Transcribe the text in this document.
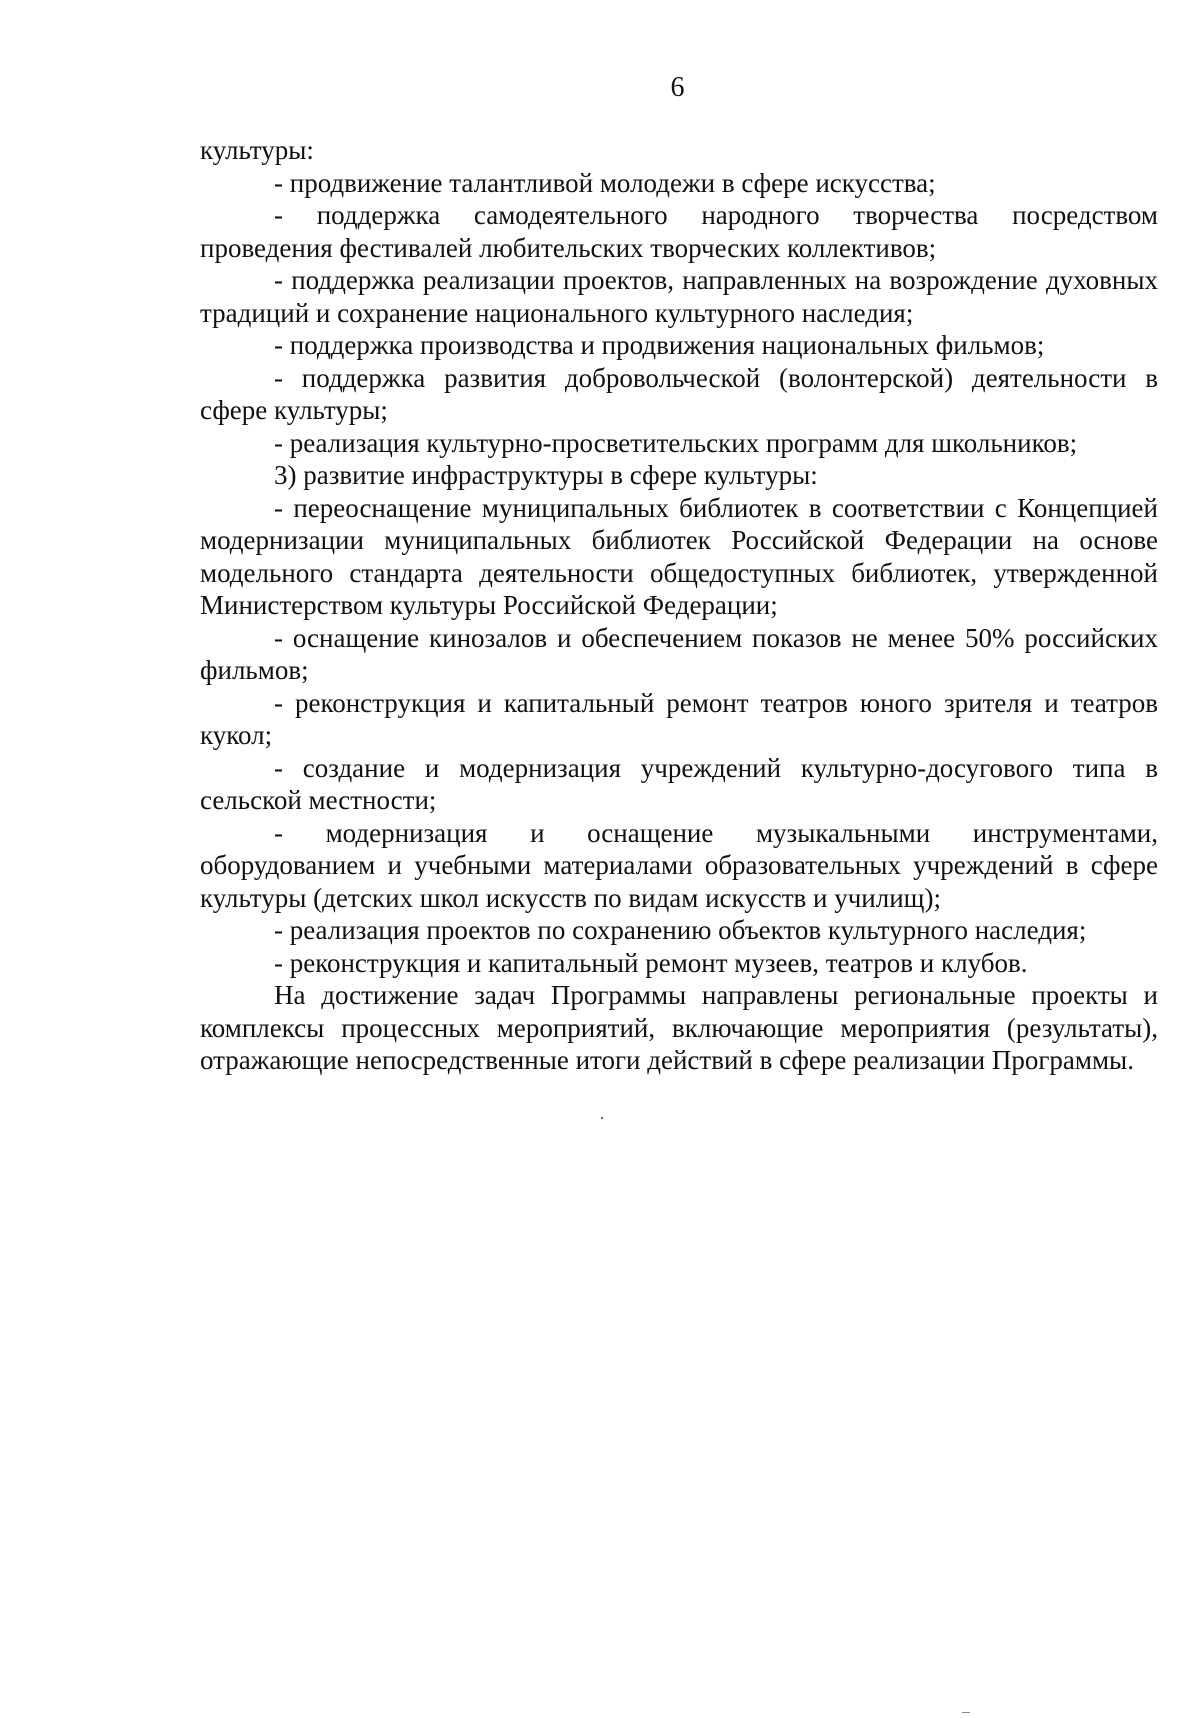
6

культуры:

- продвижение талантливой молодежи в сфере искусства;

- поддержка самодеятельного народного творчества посредством проведения фестивалей любительских творческих коллективов;

- поддержка реализации проектов, направленных на возрождение духовных традиций и сохранение национального культурного наследия;

- поддержка производства и продвижения национальных фильмов;

- поддержка развития добровольческой (волонтерской) деятельности в сфере культуры;

- реализация культурно-просветительских программ для школьников;

3) развитие инфраструктуры в сфере культуры:

- переоснащение муниципальных библиотек в соответствии с Концепцией модернизации муниципальных библиотек Российской Федерации на основе модельного стандарта деятельности общедоступных библиотек, утвержденной Министерством культуры Российской Федерации;

- оснащение кинозалов и обеспечением показов не менее 50% российских фильмов;

- реконструкция и капитальный ремонт театров юного зрителя и театров кукол;

- создание и модернизация учреждений культурно-досугового типа в сельской местности;

- модернизация и оснащение музыкальными инструментами, оборудованием и учебными материалами образовательных учреждений в сфере культуры (детских школ искусств по видам искусств и училищ);

- реализация проектов по сохранению объектов культурного наследия;

- реконструкция и капитальный ремонт музеев, театров и клубов.

На достижение задач Программы направлены региональные проекты и комплексы процессных мероприятий, включающие мероприятия (результаты), отражающие непосредственные итоги действий в сфере реализации Программы.
